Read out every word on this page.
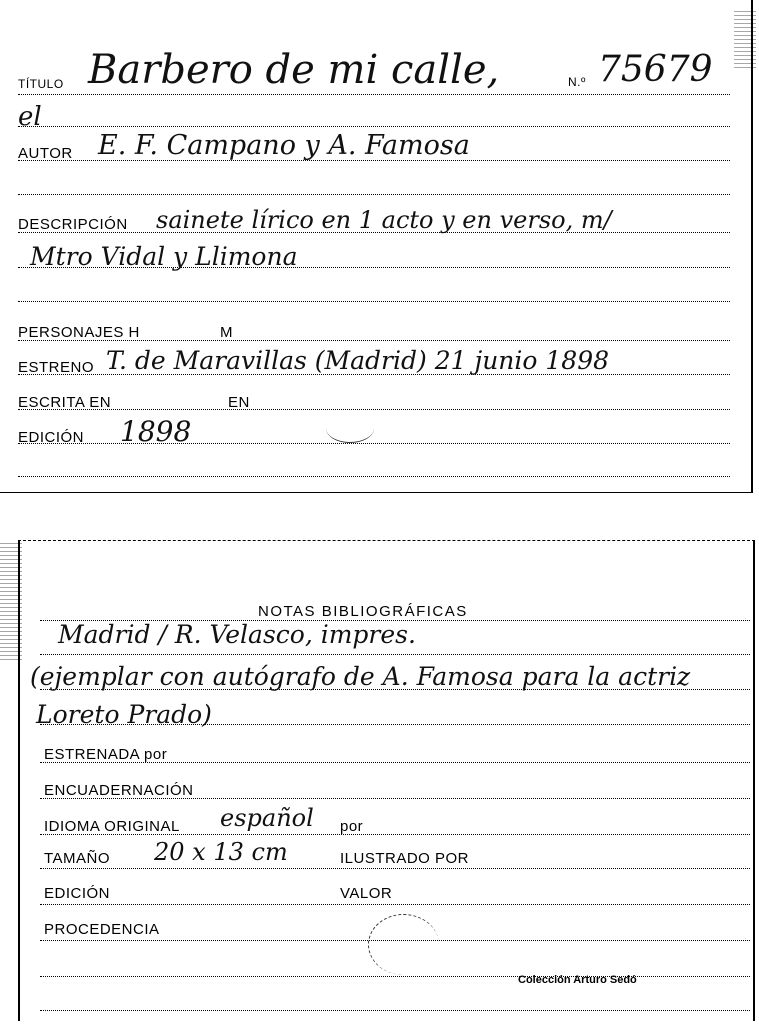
TÍTULO Barbero de mi calle,	N.º 75679
el
AUTOR E. F. Campano y A. Famosa
DESCRIPCIÓN sainete lírico en 1 acto y en verso, m/
Mtro Vidal y Llimona
PERSONAJES H	M
ESTRENO T. de Maravillas (Madrid) 21 junio 1898
ESCRITA EN	EN
EDICIÓN 1898
NOTAS BIBLIOGRÁFICAS
Madrid / R. Velasco, impres.
(ejemplar con autógrafo de A. Famosa para la actriz
Loreto Prado)
ESTRENADA por
ENCUADERNACIÓN
IDIOMA ORIGINAL español por
TAMAÑO 20 x 13 cm	ILUSTRADO POR
EDICIÓN	VALOR
PROCEDENCIA
Colección Arturo Sedó
